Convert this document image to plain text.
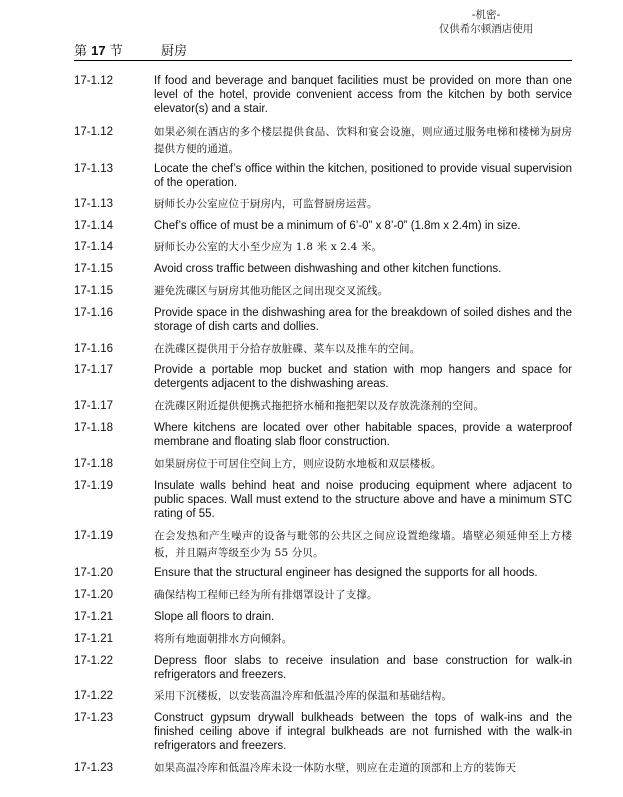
-机密-
仅供希尔顿酒店使用
第 17 节	厨房
17-1.12	If food and beverage and banquet facilities must be provided on more than one level of the hotel, provide convenient access from the kitchen by both service elevator(s) and a stair.
17-1.12	如果必须在酒店的多个楼层提供食品、饮料和宴会设施，则应通过服务电梯和楼梯为厨房提供方便的通道。
17-1.13	Locate the chef’s office within the kitchen, positioned to provide visual supervision of the operation.
17-1.13	厨师长办公室应位于厨房内，可监督厨房运营。
17-1.14	Chef’s office of must be a minimum of 6’-0” x 8’-0” (1.8m x 2.4m) in size.
17-1.14	厨师长办公室的大小至少应为 1.8 米 x 2.4 米。
17-1.15	Avoid cross traffic between dishwashing and other kitchen functions.
17-1.15	避免洗碟区与厨房其他功能区之间出现交叉流线。
17-1.16	Provide space in the dishwashing area for the breakdown of soiled dishes and the storage of dish carts and dollies.
17-1.16	在洗碟区提供用于分拾存放脏碟、菜车以及推车的空间。
17-1.17	Provide a portable mop bucket and station with mop hangers and space for detergents adjacent to the dishwashing areas.
17-1.17	在洗碟区附近提供便携式拖把挤水桶和拖把架以及存放洗涤剂的空间。
17-1.18	Where kitchens are located over other habitable spaces, provide a waterproof membrane and floating slab floor construction.
17-1.18	如果厨房位于可居住空间上方，则应设防水地板和双层楼板。
17-1.19	Insulate walls behind heat and noise producing equipment where adjacent to public spaces. Wall must extend to the structure above and have a minimum STC rating of 55.
17-1.19	在会发热和产生噪声的设备与毗邻的公共区之间应设置绝缘墙。墙壁必须延伸至上方楼板，并且隔声等级至少为 55 分贝。
17-1.20	Ensure that the structural engineer has designed the supports for all hoods.
17-1.20	确保结构工程师已经为所有排烟罩设计了支撑。
17-1.21	Slope all floors to drain.
17-1.21	将所有地面朝排水方向倾斜。
17-1.22	Depress floor slabs to receive insulation and base construction for walk-in refrigerators and freezers.
17-1.22	采用下沉楼板，以安装高温冷库和低温冷库的保温和基础结构。
17-1.23	Construct gypsum drywall bulkheads between the tops of walk-ins and the finished ceiling above if integral bulkheads are not furnished with the walk-in refrigerators and freezers.
17-1.23	如果高温冷库和低温冷库未设一体防水壁，则应在走道的顶部和上方的装饰天
